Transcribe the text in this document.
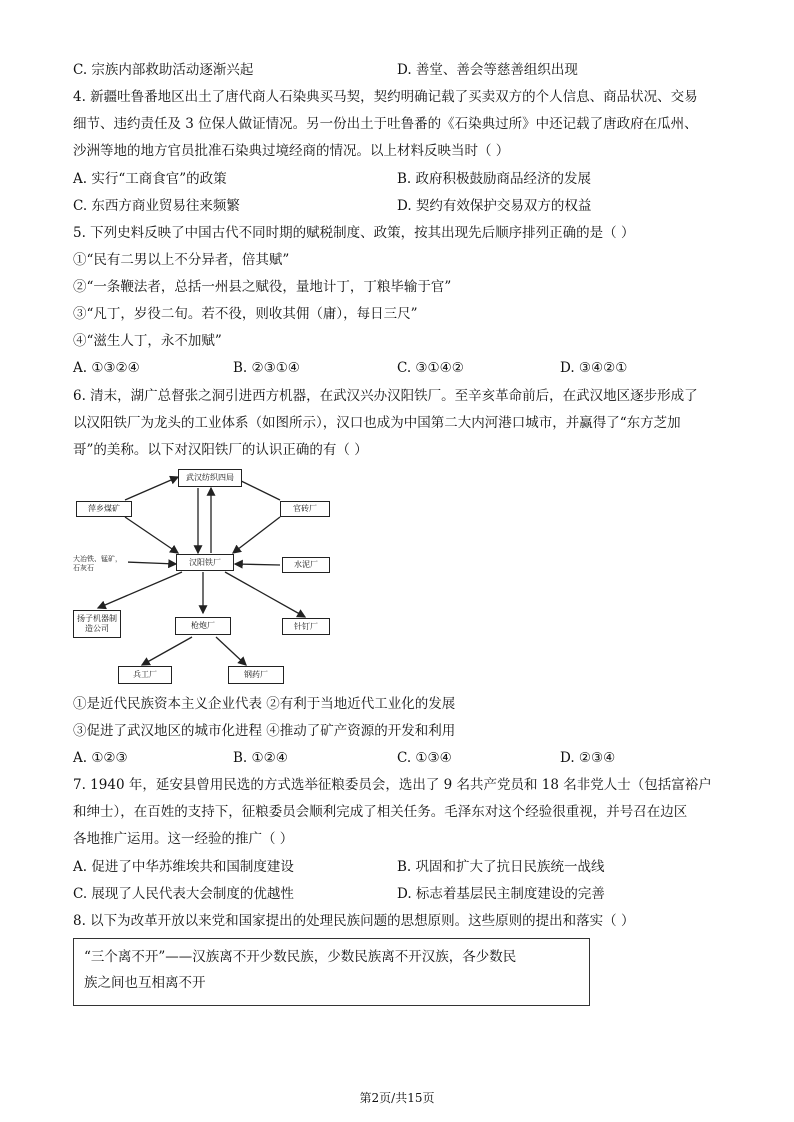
C. 宗族内部救助活动逐渐兴起	D. 善堂、善会等慈善组织出现
4. 新疆吐鲁番地区出土了唐代商人石染典买马契，契约明确记载了买卖双方的个人信息、商品状况、交易
细节、违约责任及 3 位保人做证情况。另一份出土于吐鲁番的《石染典过所》中还记载了唐政府在瓜州、
沙洲等地的地方官员批准石染典过境经商的情况。以上材料反映当时（ ）
A. 实行“工商食官”的政策	B. 政府积极鼓励商品经济的发展
C. 东西方商业贸易往来频繁	D. 契约有效保护交易双方的权益
5. 下列史料反映了中国古代不同时期的赋税制度、政策，按其出现先后顺序排列正确的是（ ）
①“民有二男以上不分异者，倍其赋”
②“一条鞭法者，总括一州县之赋役，量地计丁，丁粮毕输于官”
③“凡丁，岁役二旬。若不役，则收其佣（庸），每日三尺”
④“滋生人丁，永不加赋”
A. ①③②④	B. ②③①④	C. ③①④②	D. ③④②①
6. 清末，湖广总督张之洞引进西方机器，在武汉兴办汉阳铁厂。至辛亥革命前后，在武汉地区逐步形成了
以汉阳铁厂为龙头的工业体系（如图所示），汉口也成为中国第二大内河港口城市，并赢得了“东方芝加
哥”的美称。以下对汉阳铁厂的认识正确的有（ ）
武汉纺织四局
萍乡煤矿	官砖厂
大冶铁、锰矿，石灰石
汉阳铁厂	水泥厂
扬子机器制造公司	枪炮厂	针钉厂
兵工厂	钢药厂
①是近代民族资本主义企业代表 ②有利于当地近代工业化的发展
③促进了武汉地区的城市化进程 ④推动了矿产资源的开发和利用
A. ①②③	B. ①②④	C. ①③④	D. ②③④
7. 1940 年，延安县曾用民选的方式选举征粮委员会，选出了 9 名共产党员和 18 名非党人士（包括富裕户
和绅士），在百姓的支持下，征粮委员会顺利完成了相关任务。毛泽东对这个经验很重视，并号召在边区
各地推广运用。这一经验的推广（ ）
A. 促进了中华苏维埃共和国制度建设	B. 巩固和扩大了抗日民族统一战线
C. 展现了人民代表大会制度的优越性	D. 标志着基层民主制度建设的完善
8. 以下为改革开放以来党和国家提出的处理民族问题的思想原则。这些原则的提出和落实（ ）
“三个离不开”——汉族离不开少数民族，少数民族离不开汉族，各少数民
族之间也互相离不开
第2页/共15页
